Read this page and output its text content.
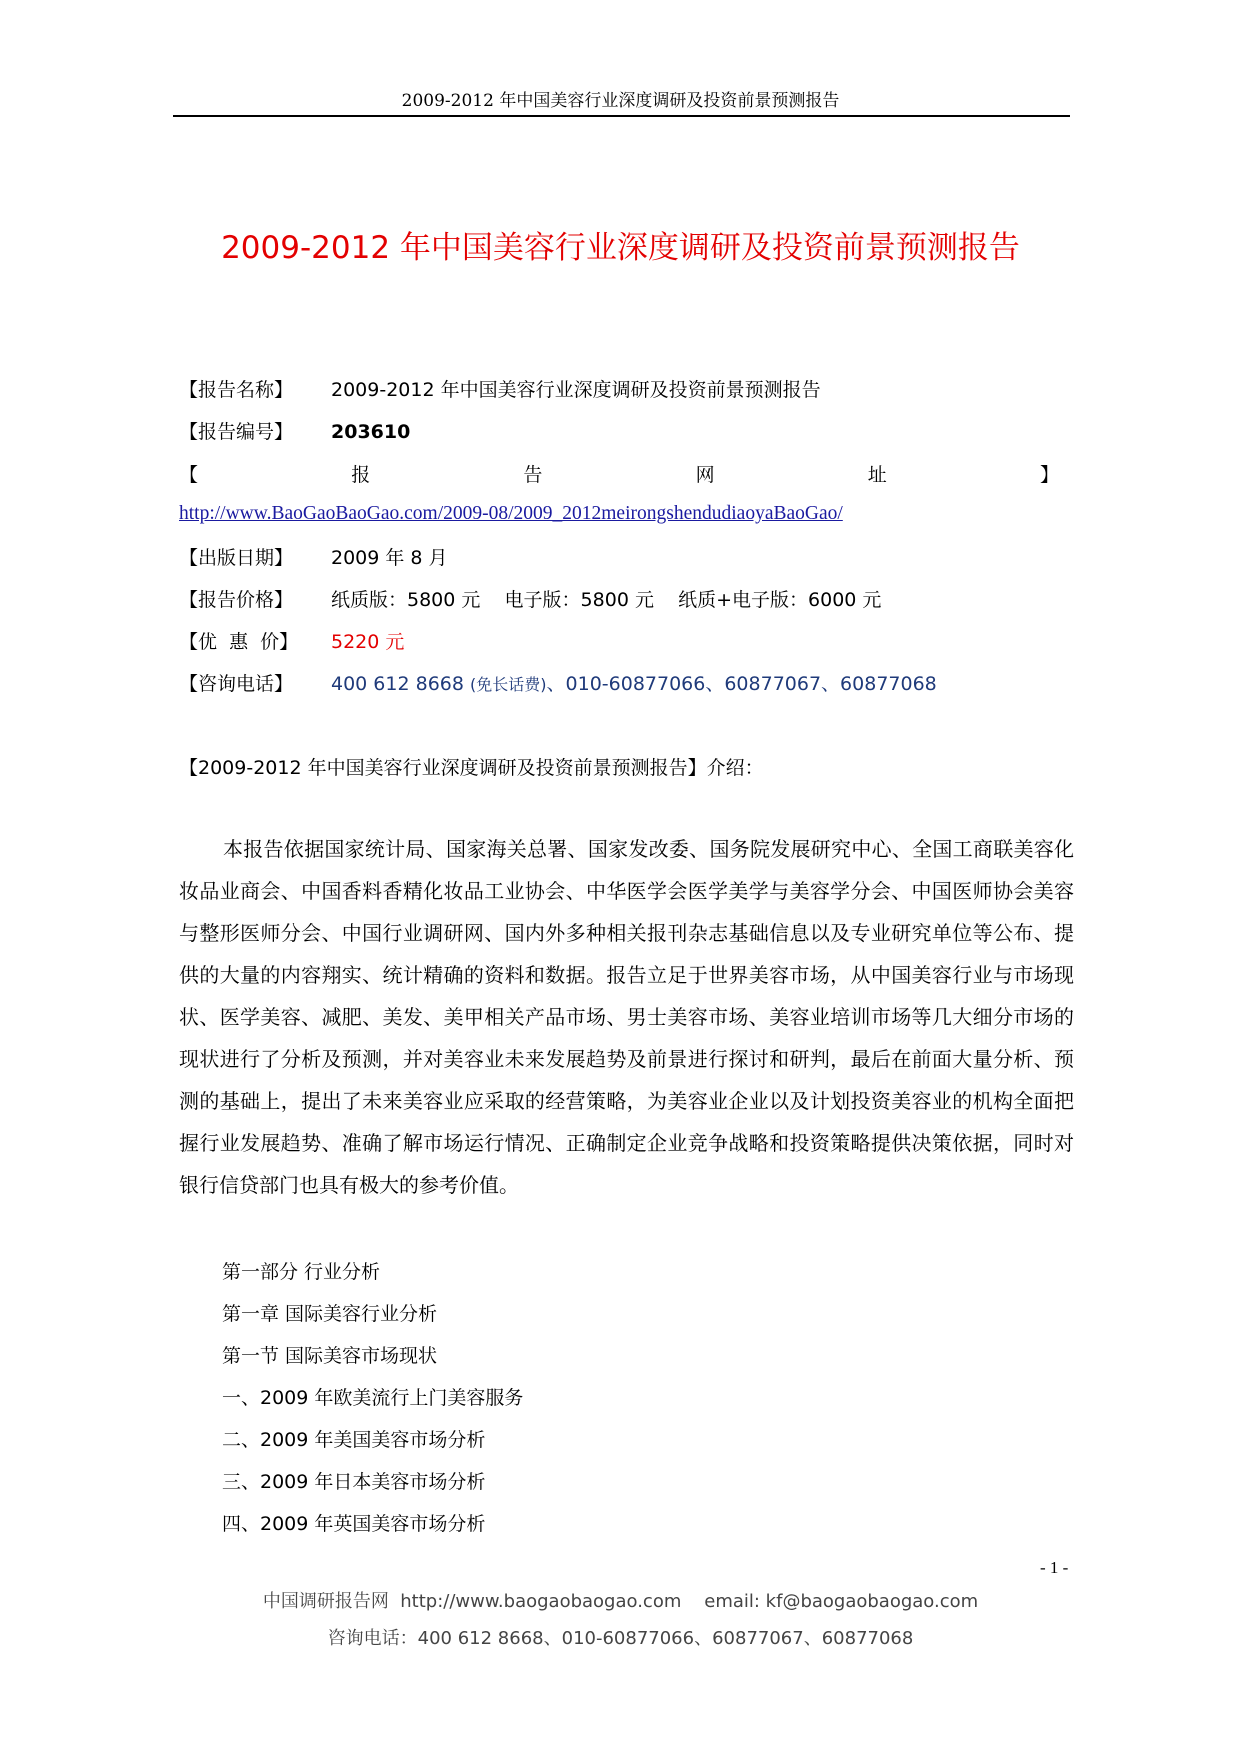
2009-2012 年中国美容行业深度调研及投资前景预测报告
2009-2012 年中国美容行业深度调研及投资前景预测报告
【报告名称】 2009-2012 年中国美容行业深度调研及投资前景预测报告
【报告编号】 203610
【	报	告	网	址	】
http://www.BaoGaoBaoGao.com/2009-08/2009_2012meirongshendudiaoyaBaoGao/
【出版日期】 2009 年 8 月
【报告价格】 纸质版：5800 元    电子版：5800 元    纸质+电子版：6000 元
【优  惠  价】 5220 元
【咨询电话】 400 612 8668 (免长话费)、010-60877066、60877067、60877068
【2009-2012 年中国美容行业深度调研及投资前景预测报告】介绍：

本报告依据国家统计局、国家海关总署、国家发改委、国务院发展研究中心、全国工商联美容化妆品业商会、中国香料香精化妆品工业协会、中华医学会医学美学与美容学分会、中国医师协会美容与整形医师分会、中国行业调研网、国内外多种相关报刊杂志基础信息以及专业研究单位等公布、提供的大量的内容翔实、统计精确的资料和数据。报告立足于世界美容市场，从中国美容行业与市场现状、医学美容、减肥、美发、美甲相关产品市场、男士美容市场、美容业培训市场等几大细分市场的现状进行了分析及预测，并对美容业未来发展趋势及前景进行探讨和研判，最后在前面大量分析、预测的基础上，提出了未来美容业应采取的经营策略，为美容业企业以及计划投资美容业的机构全面把握行业发展趋势、准确了解市场运行情况、正确制定企业竞争战略和投资策略提供决策依据，同时对银行信贷部门也具有极大的参考价值。

第一部分 行业分析
第一章 国际美容行业分析
第一节 国际美容市场现状
一、2009 年欧美流行上门美容服务
二、2009 年美国美容市场分析
三、2009 年日本美容市场分析
四、2009 年英国美容市场分析
- 1 -
中国调研报告网  http://www.baogaobaogao.com    email: kf@baogaobaogao.com
咨询电话：400 612 8668、010-60877066、60877067、60877068
